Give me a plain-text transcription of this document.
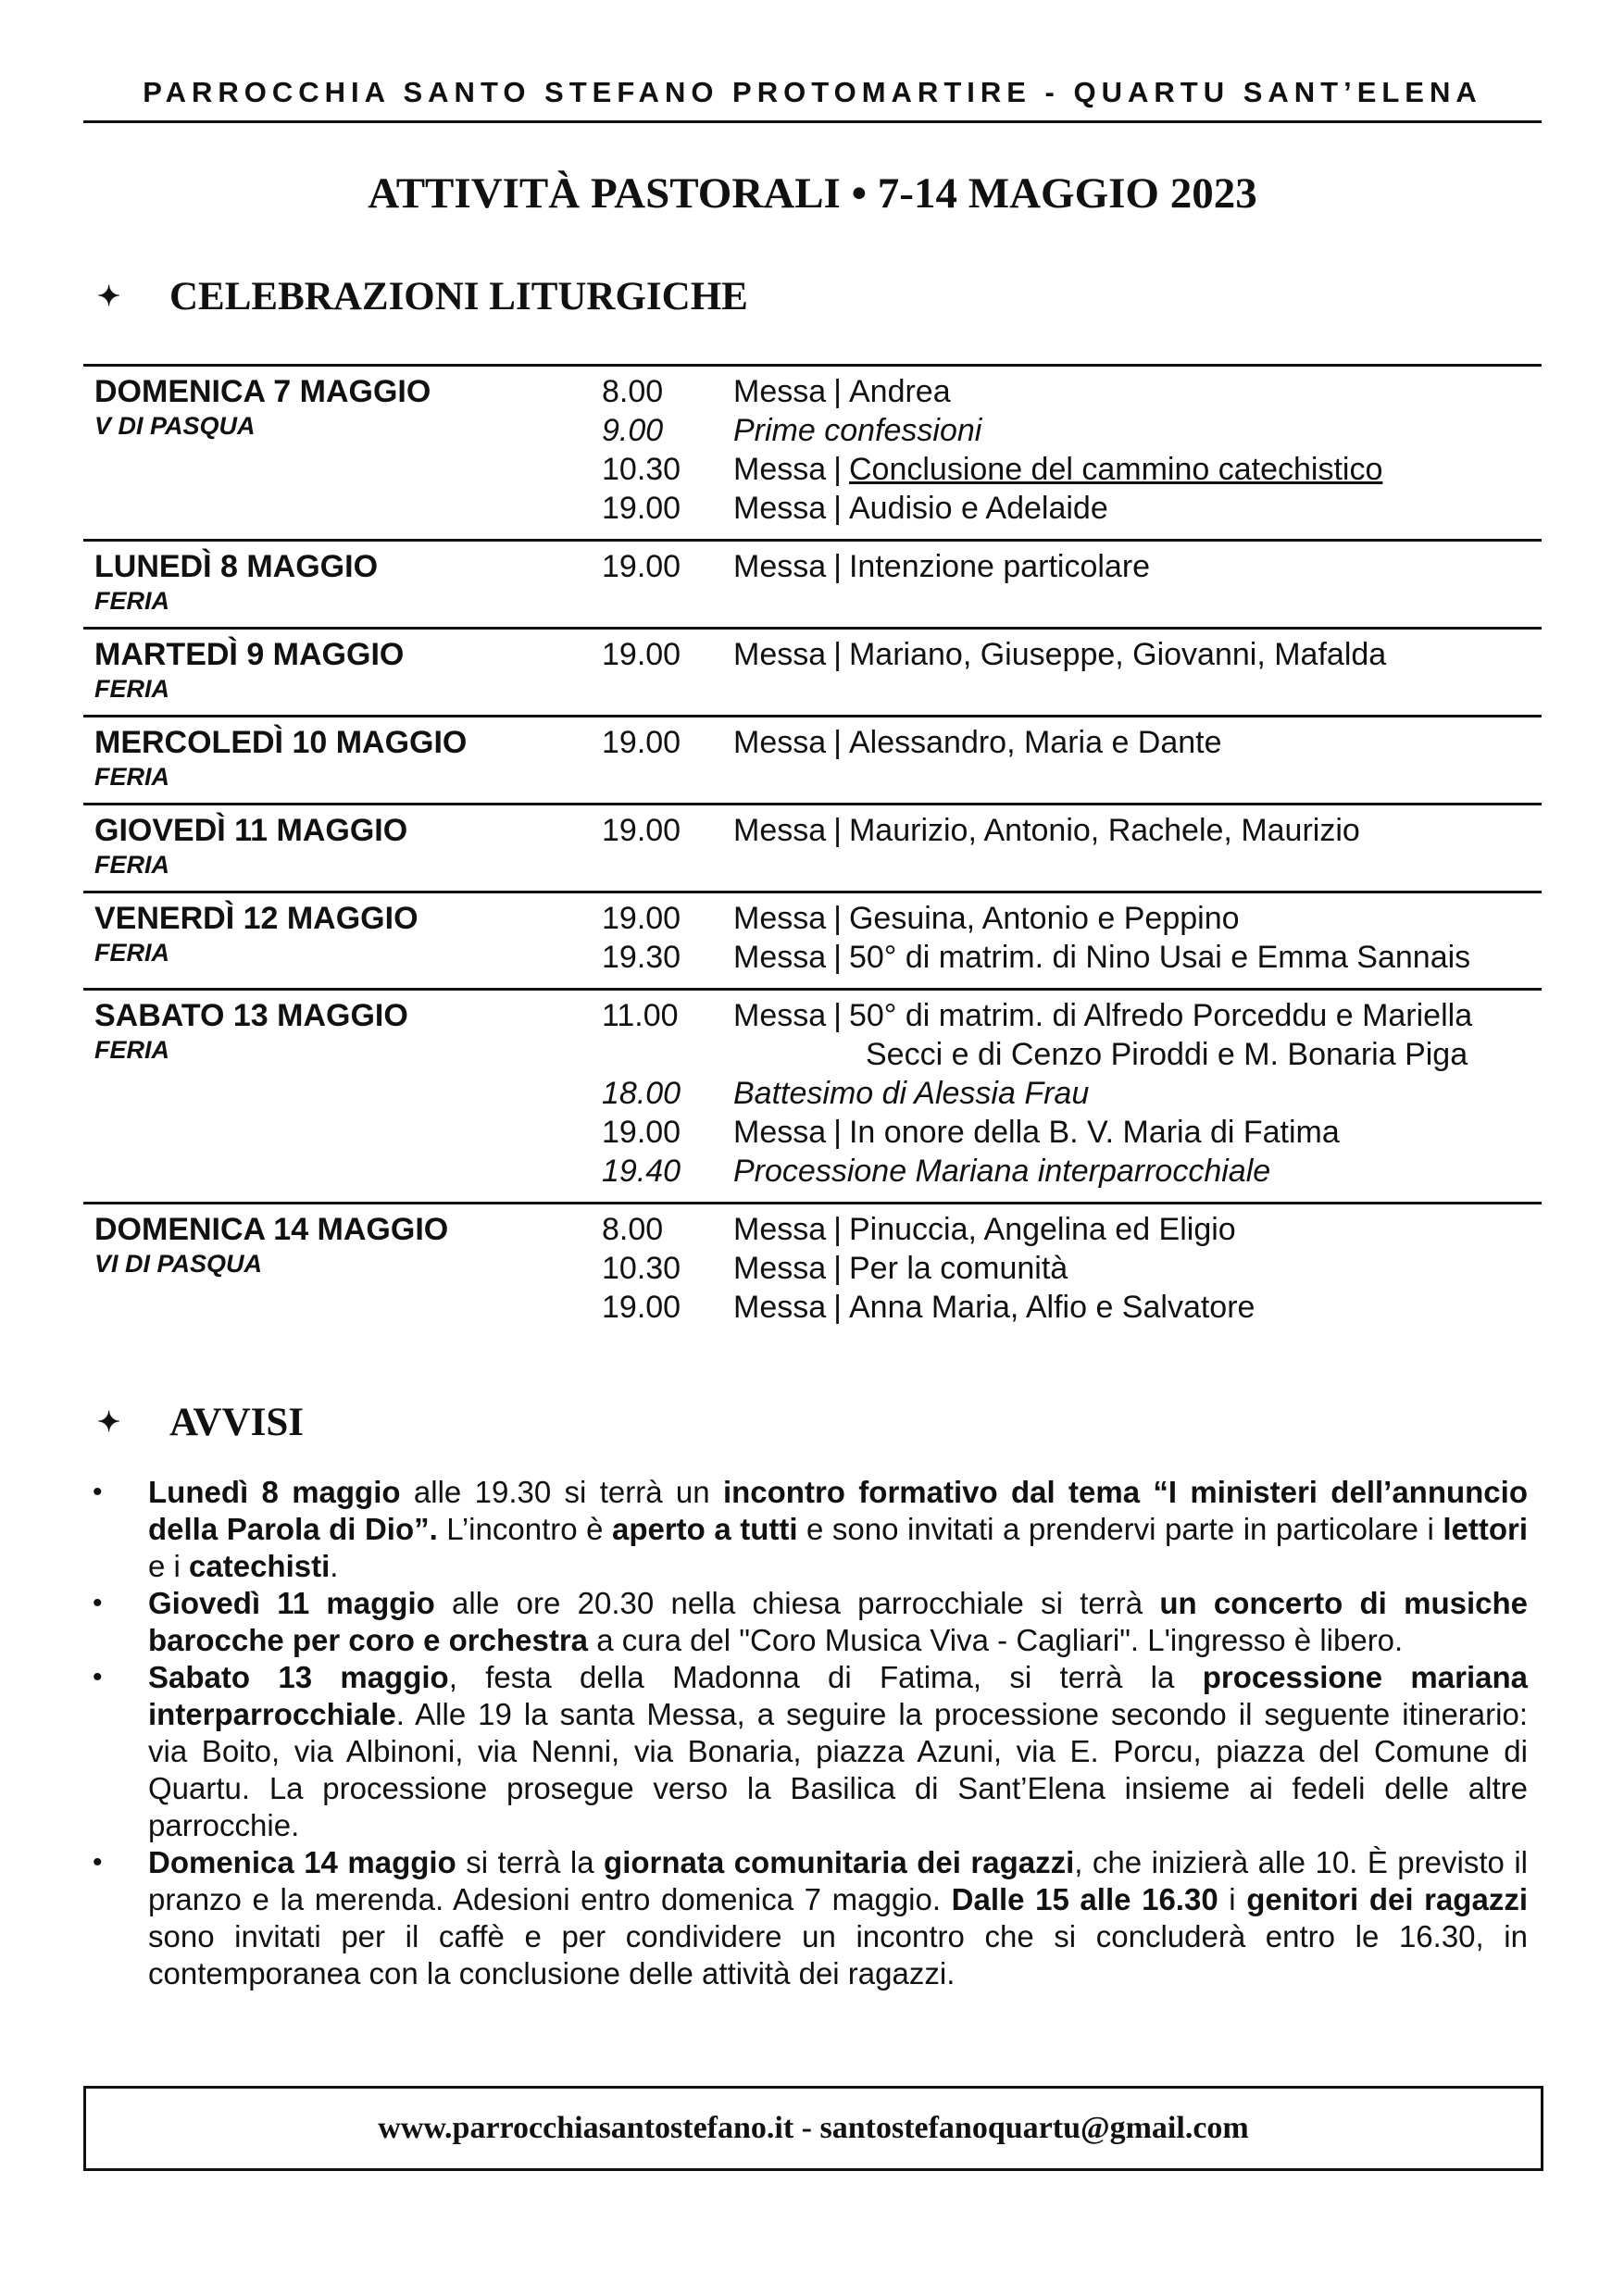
PARROCCHIA SANTO STEFANO PROTOMARTIRE - QUARTU SANT’ELENA
ATTIVITÀ PASTORALI • 7-14 MAGGIO 2023
✦	CELEBRAZIONI LITURGICHE
DOMENICA 7 MAGGIO
V DI PASQUA
8.00	Messa | Andrea
9.00	Prime confessioni
10.30	Messa | Conclusione del cammino catechistico
19.00	Messa | Audisio e Adelaide
LUNEDÌ 8 MAGGIO
FERIA
19.00	Messa | Intenzione particolare
MARTEDÌ 9 MAGGIO
FERIA
19.00	Messa | Mariano, Giuseppe, Giovanni, Mafalda
MERCOLEDÌ 10 MAGGIO
FERIA
19.00	Messa | Alessandro, Maria e Dante
GIOVEDÌ 11 MAGGIO
FERIA
19.00	Messa | Maurizio, Antonio, Rachele, Maurizio
VENERDÌ 12 MAGGIO
FERIA
19.00	Messa | Gesuina, Antonio e Peppino
19.30	Messa | 50° di matrim. di Nino Usai e Emma Sannais
SABATO 13 MAGGIO
FERIA
11.00	Messa | 50° di matrim. di Alfredo Porceddu e Mariella
Secci e di Cenzo Piroddi e M. Bonaria Piga
18.00	Battesimo di Alessia Frau
19.00	Messa | In onore della B. V. Maria di Fatima
19.40	Processione Mariana interparrocchiale
DOMENICA 14 MAGGIO
VI DI PASQUA
8.00	Messa | Pinuccia, Angelina ed Eligio
10.30	Messa | Per la comunità
19.00	Messa | Anna Maria, Alfio e Salvatore
✦	AVVISI
• Lunedì 8 maggio alle 19.30 si terrà un incontro formativo dal tema “I ministeri dell’annuncio della Parola di Dio”. L’incontro è aperto a tutti e sono invitati a prendervi parte in particolare i lettori e i catechisti.
• Giovedì 11 maggio alle ore 20.30 nella chiesa parrocchiale si terrà un concerto di musiche barocche per coro e orchestra a cura del "Coro Musica Viva - Cagliari". L'ingresso è libero.
• Sabato 13 maggio, festa della Madonna di Fatima, si terrà la processione mariana interparrocchiale. Alle 19 la santa Messa, a seguire la processione secondo il seguente itinerario: via Boito, via Albinoni, via Nenni, via Bonaria, piazza Azuni, via E. Porcu, piazza del Comune di Quartu. La processione prosegue verso la Basilica di Sant’Elena insieme ai fedeli delle altre parrocchie.
• Domenica 14 maggio si terrà la giornata comunitaria dei ragazzi, che inizierà alle 10. È previsto il pranzo e la merenda. Adesioni entro domenica 7 maggio. Dalle 15 alle 16.30 i genitori dei ragazzi sono invitati per il caffè e per condividere un incontro che si concluderà entro le 16.30, in contemporanea con la conclusione delle attività dei ragazzi.
www.parrocchiasantostefano.it - santostefanoquartu@gmail.com
